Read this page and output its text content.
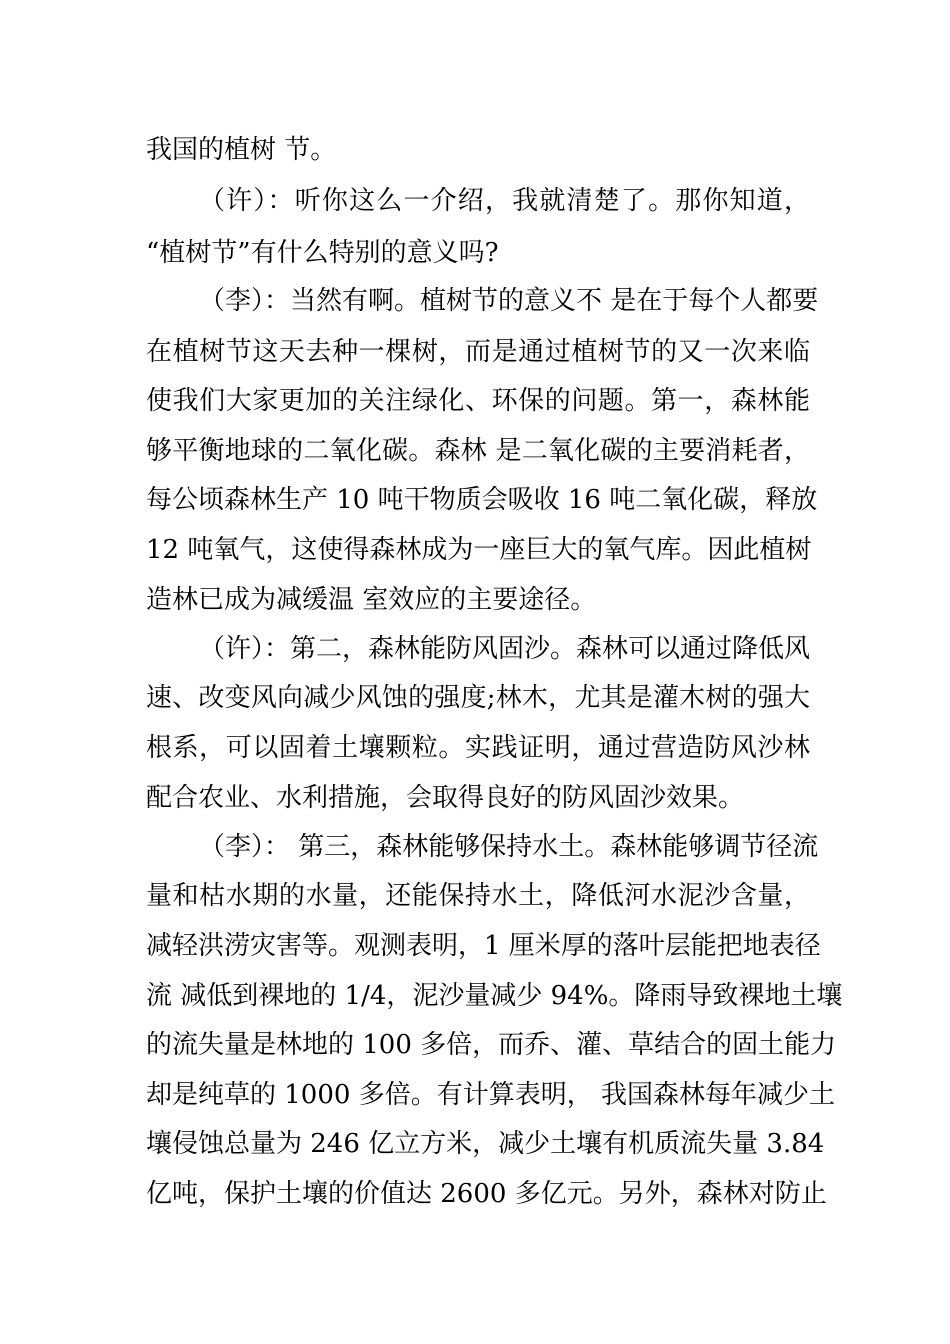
我国的植树 节。
（许）：听你这么一介绍，我就清楚了。那你知道，
“植树节”有什么特别的意义吗?
（李）：当然有啊。植树节的意义不 是在于每个人都要
在植树节这天去种一棵树，而是通过植树节的又一次来临
使我们大家更加的关注绿化、环保的问题。第一，森林能
够平衡地球的二氧化碳。森林 是二氧化碳的主要消耗者，
每公顷森林生产 10 吨干物质会吸收 16 吨二氧化碳，释放
12 吨氧气，这使得森林成为一座巨大的氧气库。因此植树
造林已成为减缓温 室效应的主要途径。
（许）：第二，森林能防风固沙。森林可以通过降低风
速、改变风向减少风蚀的强度;林木，尤其是灌木树的强大
根系，可以固着土壤颗粒。实践证明，通过营造防风沙林
配合农业、水利措施，会取得良好的防风固沙效果。
（李）： 第三，森林能够保持水土。森林能够调节径流
量和枯水期的水量，还能保持水土，降低河水泥沙含量，
减轻洪涝灾害等。观测表明，1 厘米厚的落叶层能把地表径
流 减低到裸地的 1/4，泥沙量减少 94%。降雨导致裸地土壤
的流失量是林地的 100 多倍，而乔、灌、草结合的固土能力
却是纯草的 1000 多倍。有计算表明， 我国森林每年减少土
壤侵蚀总量为 246 亿立方米，减少土壤有机质流失量 3.84
亿吨，保护土壤的价值达 2600 多亿元。另外，森林对防止
